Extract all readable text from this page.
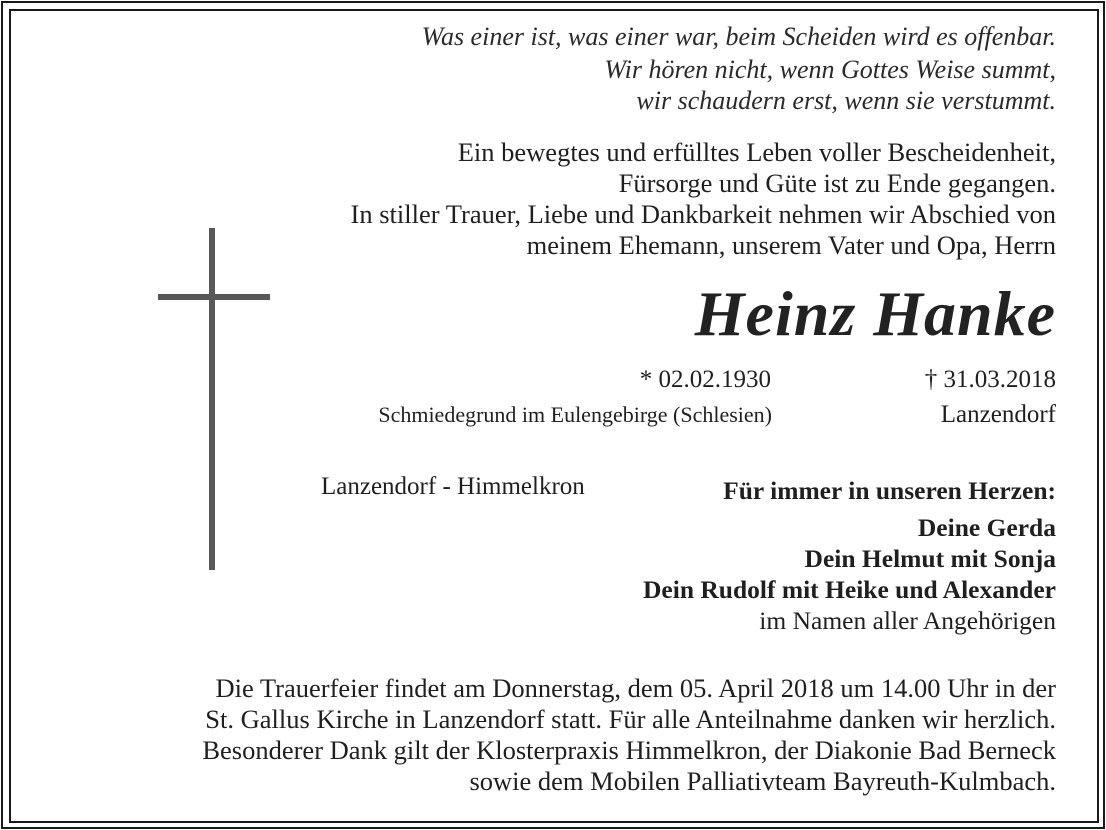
Was einer ist, was einer war, beim Scheiden wird es offenbar.
Wir hören nicht, wenn Gottes Weise summt,
wir schaudern erst, wenn sie verstummt.
Ein bewegtes und erfülltes Leben voller Bescheidenheit,
Fürsorge und Güte ist zu Ende gegangen.
In stiller Trauer, Liebe und Dankbarkeit nehmen wir Abschied von
meinem Ehemann, unserem Vater und Opa, Herrn
Heinz Hanke
* 02.02.1930	† 31.03.2018
Schmiedegrund im Eulengebirge (Schlesien)	Lanzendorf
Lanzendorf - Himmelkron	Für immer in unseren Herzen:
Deine Gerda
Dein Helmut mit Sonja
Dein Rudolf mit Heike und Alexander
im Namen aller Angehörigen
Die Trauerfeier findet am Donnerstag, dem 05. April 2018 um 14.00 Uhr in der
St. Gallus Kirche in Lanzendorf statt. Für alle Anteilnahme danken wir herzlich.
Besonderer Dank gilt der Klosterpraxis Himmelkron, der Diakonie Bad Berneck
sowie dem Mobilen Palliativteam Bayreuth-Kulmbach.
